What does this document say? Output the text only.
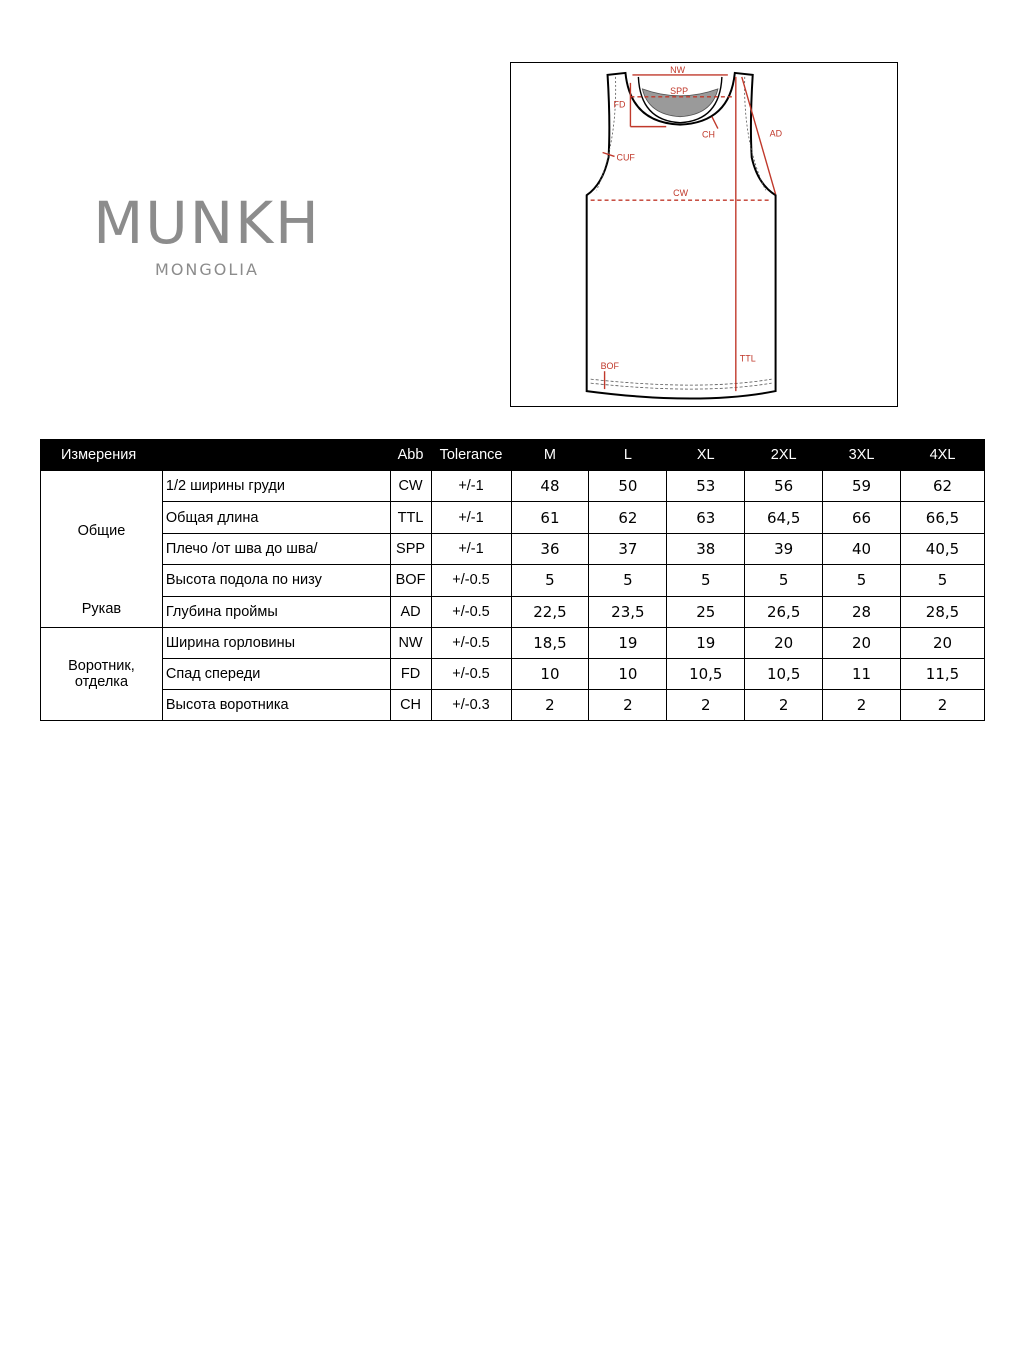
MUNKH
MONGOLIA
NW
SPP
FD
CH	AD
CUF
CW
TTL
BOF
Измерения		Abb	Tolerance	M	L	XL	2XL	3XL	4XL

Общие
Рукав	1/2 ширины груди	CW	+/-1	48	50	53	56	59	62
	Общая длина	TTL	+/-1	61	62	63	64,5	66	66,5
	Плечо /от шва до шва/	SPP	+/-1	36	37	38	39	40	40,5
	Высота подола по низу	BOF	+/-0.5	5	5	5	5	5	5
	Глубина проймы	AD	+/-0.5	22,5	23,5	25	26,5	28	28,5
Воротник, отделка	Ширина горловины	NW	+/-0.5	18,5	19	19	20	20	20
	Спад спереди	FD	+/-0.5	10	10	10,5	10,5	11	11,5
	Высота воротника	CH	+/-0.3	2	2	2	2	2	2
